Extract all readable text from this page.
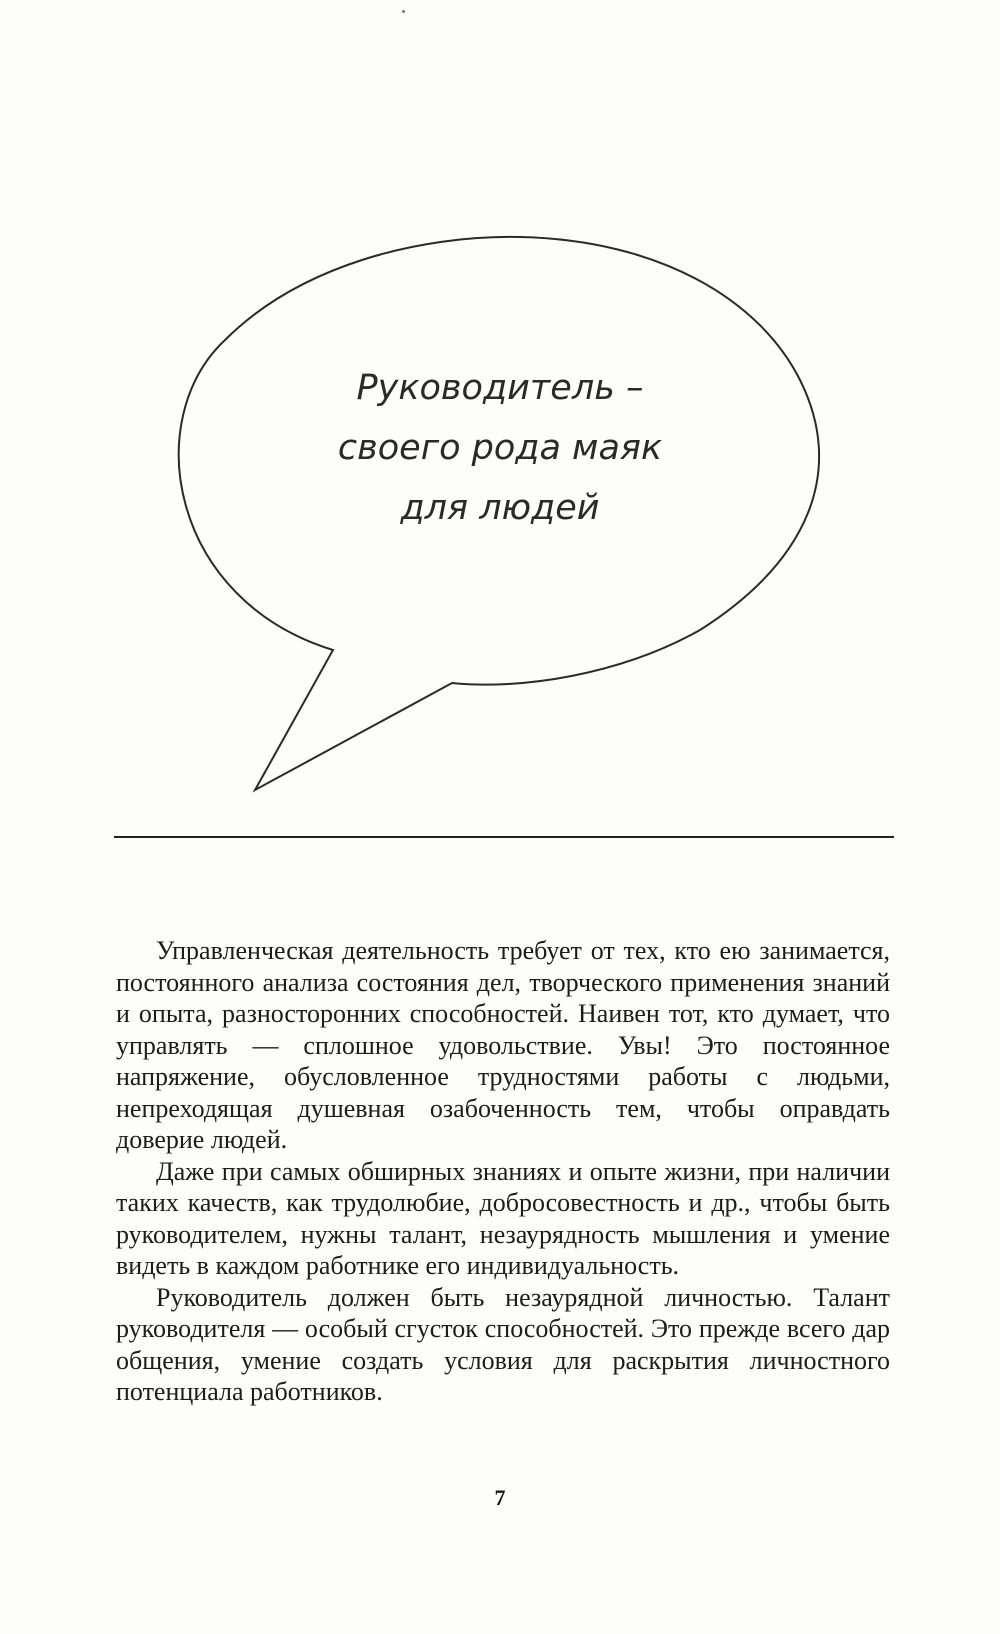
Руководитель –
своего рода маяк
для людей

Управленческая деятельность требует от тех, кто ею занимается, постоянного анализа состояния дел, творческого применения знаний и опыта, разносторонних способностей. Наивен тот, кто думает, что управлять — сплошное удовольствие. Увы! Это постоянное напряжение, обусловленное трудностями работы с людьми, непреходящая душевная озабоченность тем, чтобы оправдать доверие людей.

Даже при самых обширных знаниях и опыте жизни, при наличии таких качеств, как трудолюбие, добросовестность и др., чтобы быть руководителем, нужны талант, незаурядность мышления и умение видеть в каждом работнике его индивидуальность.

Руководитель должен быть незаурядной личностью. Талант руководителя — особый сгусток способностей. Это прежде всего дар общения, умение создать условия для раскрытия личностного потенциала работников.

7
